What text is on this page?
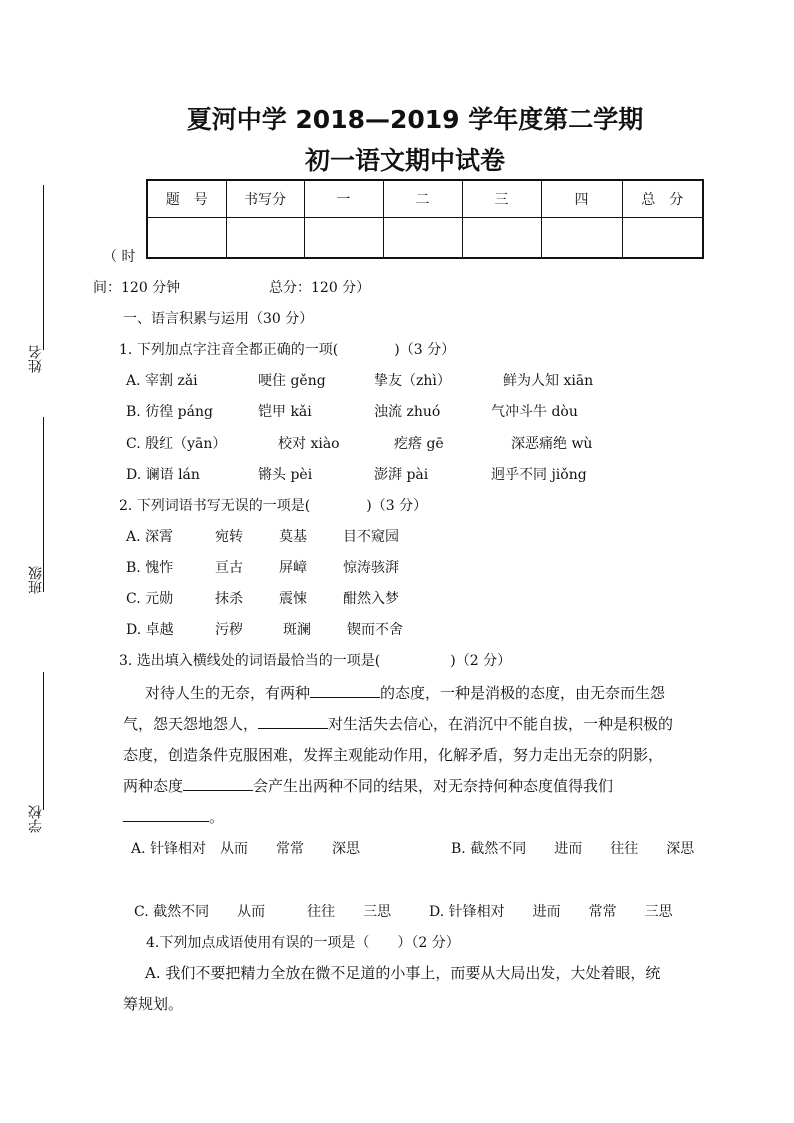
姓名
班级
学校
夏河中学 2018—2019 学年度第二学期
初一语文期中试卷
题　号	书写分	一	二	三	四	总　分

（ 时
间：120 分钟	总分：120 分）
一、语言积累与运用（30 分）
1. 下列加点字注音全都正确的一项(　　　　)（3 分）
A. 宰割 zǎi	哽住 gěng	挚友（zhì）	鲜为人知 xiān
B. 彷徨 páng	铠甲 kǎi	浊流 zhuó	气冲斗牛 dòu
C. 殷红（yān）	校对 xiào	疙瘩 gē	深恶痛绝 wù
D. 谰语 lán	锵头 pèi	澎湃 pài	迥乎不同 jiǒng
2. 下列词语书写无误的一项是(　　　　)（3 分）
A. 深霄	宛转	莫基	目不窥园
B. 愧怍	亘古	屏嶂	惊涛骇湃
C. 元勋	抹杀	震悚	酣然入梦
D. 卓越	污秽	斑澜	锲而不舍
3. 选出填入横线处的词语最恰当的一项是(　　　　　)（2 分）
对待人生的无奈，有两种	的态度，一种是消极的态度，由无奈而生怨
气，怨天怨地怨人，	对生活失去信心，在消沉中不能自拔，一种是积极的
态度，创造条件克服困难，发挥主观能动作用，化解矛盾，努力走出无奈的阴影，
两种态度	会产生出两种不同的结果，对无奈持何种态度值得我们
。
A. 针锋相对　从而　　常常　　深思	B. 截然不同　　进而　　往往　　深思
C. 截然不同　　从而　　　往往　　三思	D. 针锋相对　　进而　　常常　　三思
4.下列加点成语使用有误的一项是（　　）（2 分）
A. 我们不要把精力全放在微不足道的小事上，而要从大局出发，大处着眼，统
筹规划。
